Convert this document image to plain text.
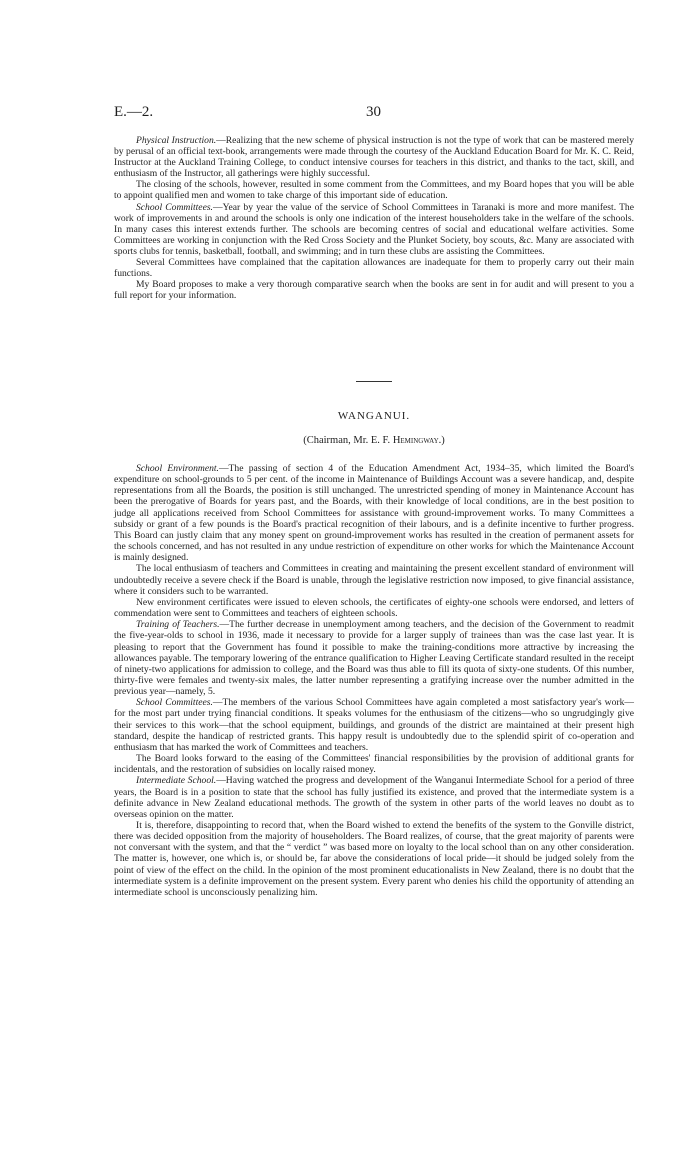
E.—2.	30

Physical Instruction.—Realizing that the new scheme of physical instruction is not the type of work that can be mastered merely by perusal of an official text-book, arrangements were made through the courtesy of the Auckland Education Board for Mr. K. C. Reid, Instructor at the Auckland Training College, to conduct intensive courses for teachers in this district, and thanks to the tact, skill, and enthusiasm of the Instructor, all gatherings were highly successful.

The closing of the schools, however, resulted in some comment from the Committees, and my Board hopes that you will be able to appoint qualified men and women to take charge of this important side of education.

School Committees.—Year by year the value of the service of School Committees in Taranaki is more and more manifest. The work of improvements in and around the schools is only one indication of the interest householders take in the welfare of the schools. In many cases this interest extends further. The schools are becoming centres of social and educational welfare activities. Some Committees are working in conjunction with the Red Cross Society and the Plunket Society, boy scouts, &c. Many are associated with sports clubs for tennis, basketball, football, and swimming; and in turn these clubs are assisting the Committees.

Several Committees have complained that the capitation allowances are inadequate for them to properly carry out their main functions.

My Board proposes to make a very thorough comparative search when the books are sent in for audit and will present to you a full report for your information.

WANGANUI.
(Chairman, Mr. E. F. Hemingway.)

School Environment.—The passing of section 4 of the Education Amendment Act, 1934–35, which limited the Board's expenditure on school-grounds to 5 per cent. of the income in Maintenance of Buildings Account was a severe handicap, and, despite representations from all the Boards, the position is still unchanged. The unrestricted spending of money in Maintenance Account has been the prerogative of Boards for years past, and the Boards, with their knowledge of local conditions, are in the best position to judge all applications received from School Committees for assistance with ground-improvement works. To many Committees a subsidy or grant of a few pounds is the Board's practical recognition of their labours, and is a definite incentive to further progress. This Board can justly claim that any money spent on ground-improvement works has resulted in the creation of permanent assets for the schools concerned, and has not resulted in any undue restriction of expenditure on other works for which the Maintenance Account is mainly designed.

The local enthusiasm of teachers and Committees in creating and maintaining the present excellent standard of environment will undoubtedly receive a severe check if the Board is unable, through the legislative restriction now imposed, to give financial assistance, where it considers such to be warranted.

New environment certificates were issued to eleven schools, the certificates of eighty-one schools were endorsed, and letters of commendation were sent to Committees and teachers of eighteen schools.

Training of Teachers.—The further decrease in unemployment among teachers, and the decision of the Government to readmit the five-year-olds to school in 1936, made it necessary to provide for a larger supply of trainees than was the case last year. It is pleasing to report that the Government has found it possible to make the training-conditions more attractive by increasing the allowances payable. The temporary lowering of the entrance qualification to Higher Leaving Certificate standard resulted in the receipt of ninety-two applications for admission to college, and the Board was thus able to fill its quota of sixty-one students. Of this number, thirty-five were females and twenty-six males, the latter number representing a gratifying increase over the number admitted in the previous year—namely, 5.

School Committees.—The members of the various School Committees have again completed a most satisfactory year's work—for the most part under trying financial conditions. It speaks volumes for the enthusiasm of the citizens—who so ungrudgingly give their services to this work—that the school equipment, buildings, and grounds of the district are maintained at their present high standard, despite the handicap of restricted grants. This happy result is undoubtedly due to the splendid spirit of co-operation and enthusiasm that has marked the work of Committees and teachers.

The Board looks forward to the easing of the Committees' financial responsibilities by the provision of additional grants for incidentals, and the restoration of subsidies on locally raised money.

Intermediate School.—Having watched the progress and development of the Wanganui Intermediate School for a period of three years, the Board is in a position to state that the school has fully justified its existence, and proved that the intermediate system is a definite advance in New Zealand educational methods. The growth of the system in other parts of the world leaves no doubt as to overseas opinion on the matter.

It is, therefore, disappointing to record that, when the Board wished to extend the benefits of the system to the Gonville district, there was decided opposition from the majority of householders. The Board realizes, of course, that the great majority of parents were not conversant with the system, and that the “ verdict ” was based more on loyalty to the local school than on any other consideration. The matter is, however, one which is, or should be, far above the considerations of local pride—it should be judged solely from the point of view of the effect on the child. In the opinion of the most prominent educationalists in New Zealand, there is no doubt that the intermediate system is a definite improvement on the present system. Every parent who denies his child the opportunity of attending an intermediate school is unconsciously penalizing him.
